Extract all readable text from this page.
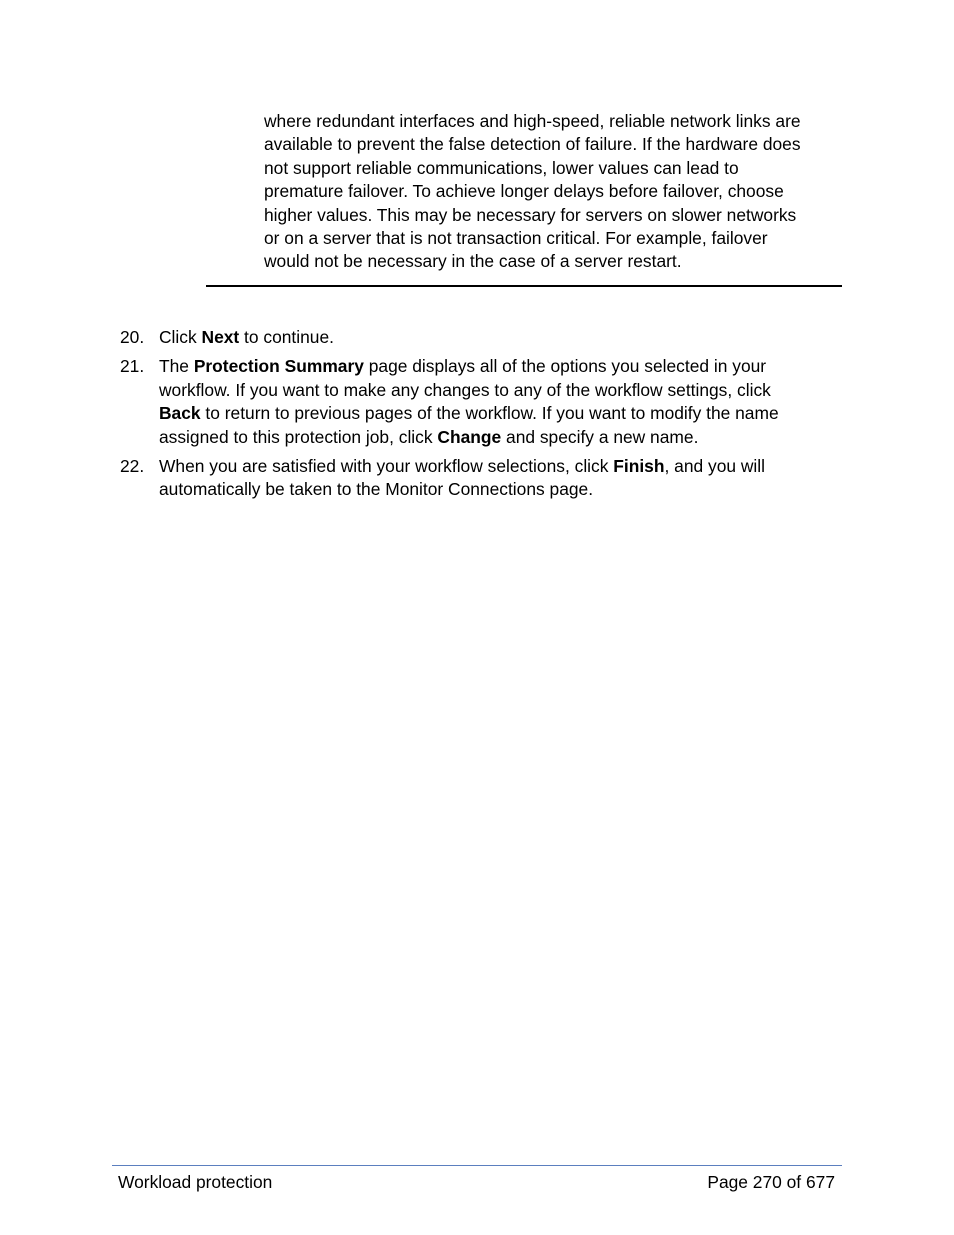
where redundant interfaces and high-speed, reliable network links are
available to prevent the false detection of failure. If the hardware does
not support reliable communications, lower values can lead to
premature failover. To achieve longer delays before failover, choose
higher values. This may be necessary for servers on slower networks
or on a server that is not transaction critical. For example, failover
would not be necessary in the case of a server restart.
20. Click Next to continue.
21. The Protection Summary page displays all of the options you selected in your
workflow. If you want to make any changes to any of the workflow settings, click
Back to return to previous pages of the workflow. If you want to modify the name
assigned to this protection job, click Change and specify a new name.
22. When you are satisfied with your workflow selections, click Finish, and you will
automatically be taken to the Monitor Connections page.
Workload protection	Page 270 of 677
